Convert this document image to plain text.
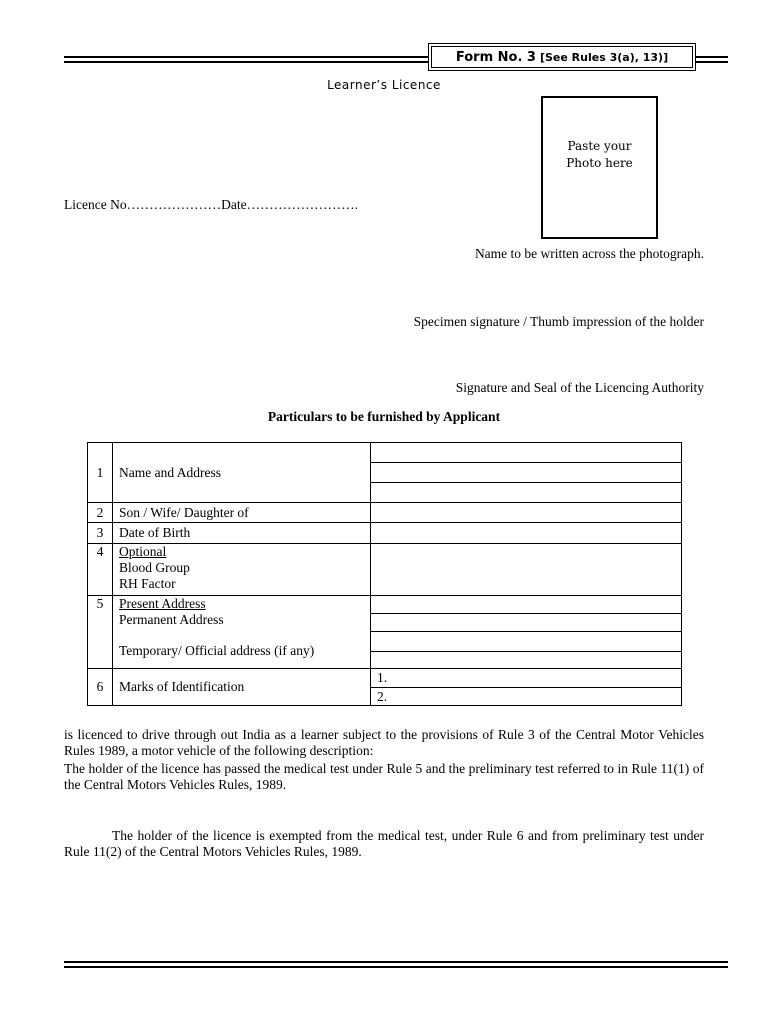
Form No. 3 [See Rules 3(a), 13)]
Learner’s Licence
Paste your
Photo here
Licence No…………………Date…………………….
Name to be written across the photograph.
Specimen signature / Thumb impression of the holder
Signature and Seal of the Licencing Authority
Particulars to be furnished by Applicant
1	Name and Address	

2	Son / Wife/ Daughter of	
3	Date of Birth	
4	Optional
Blood Group
RH Factor	

5	Present Address
Permanent Address
Temporary/ Official address (if any)	

6	Marks of Identification	1.
		2.
is licenced to drive through out India as a learner subject to the provisions of Rule 3 of the Central Motor Vehicles Rules 1989, a motor vehicle of the following description:
The holder of the licence has passed the medical test under Rule 5 and the preliminary test referred to in Rule 11(1) of the Central Motors Vehicles Rules, 1989.
The holder of the licence is exempted from the medical test, under Rule 6 and from preliminary test under Rule 11(2) of the Central Motors Vehicles Rules, 1989.
